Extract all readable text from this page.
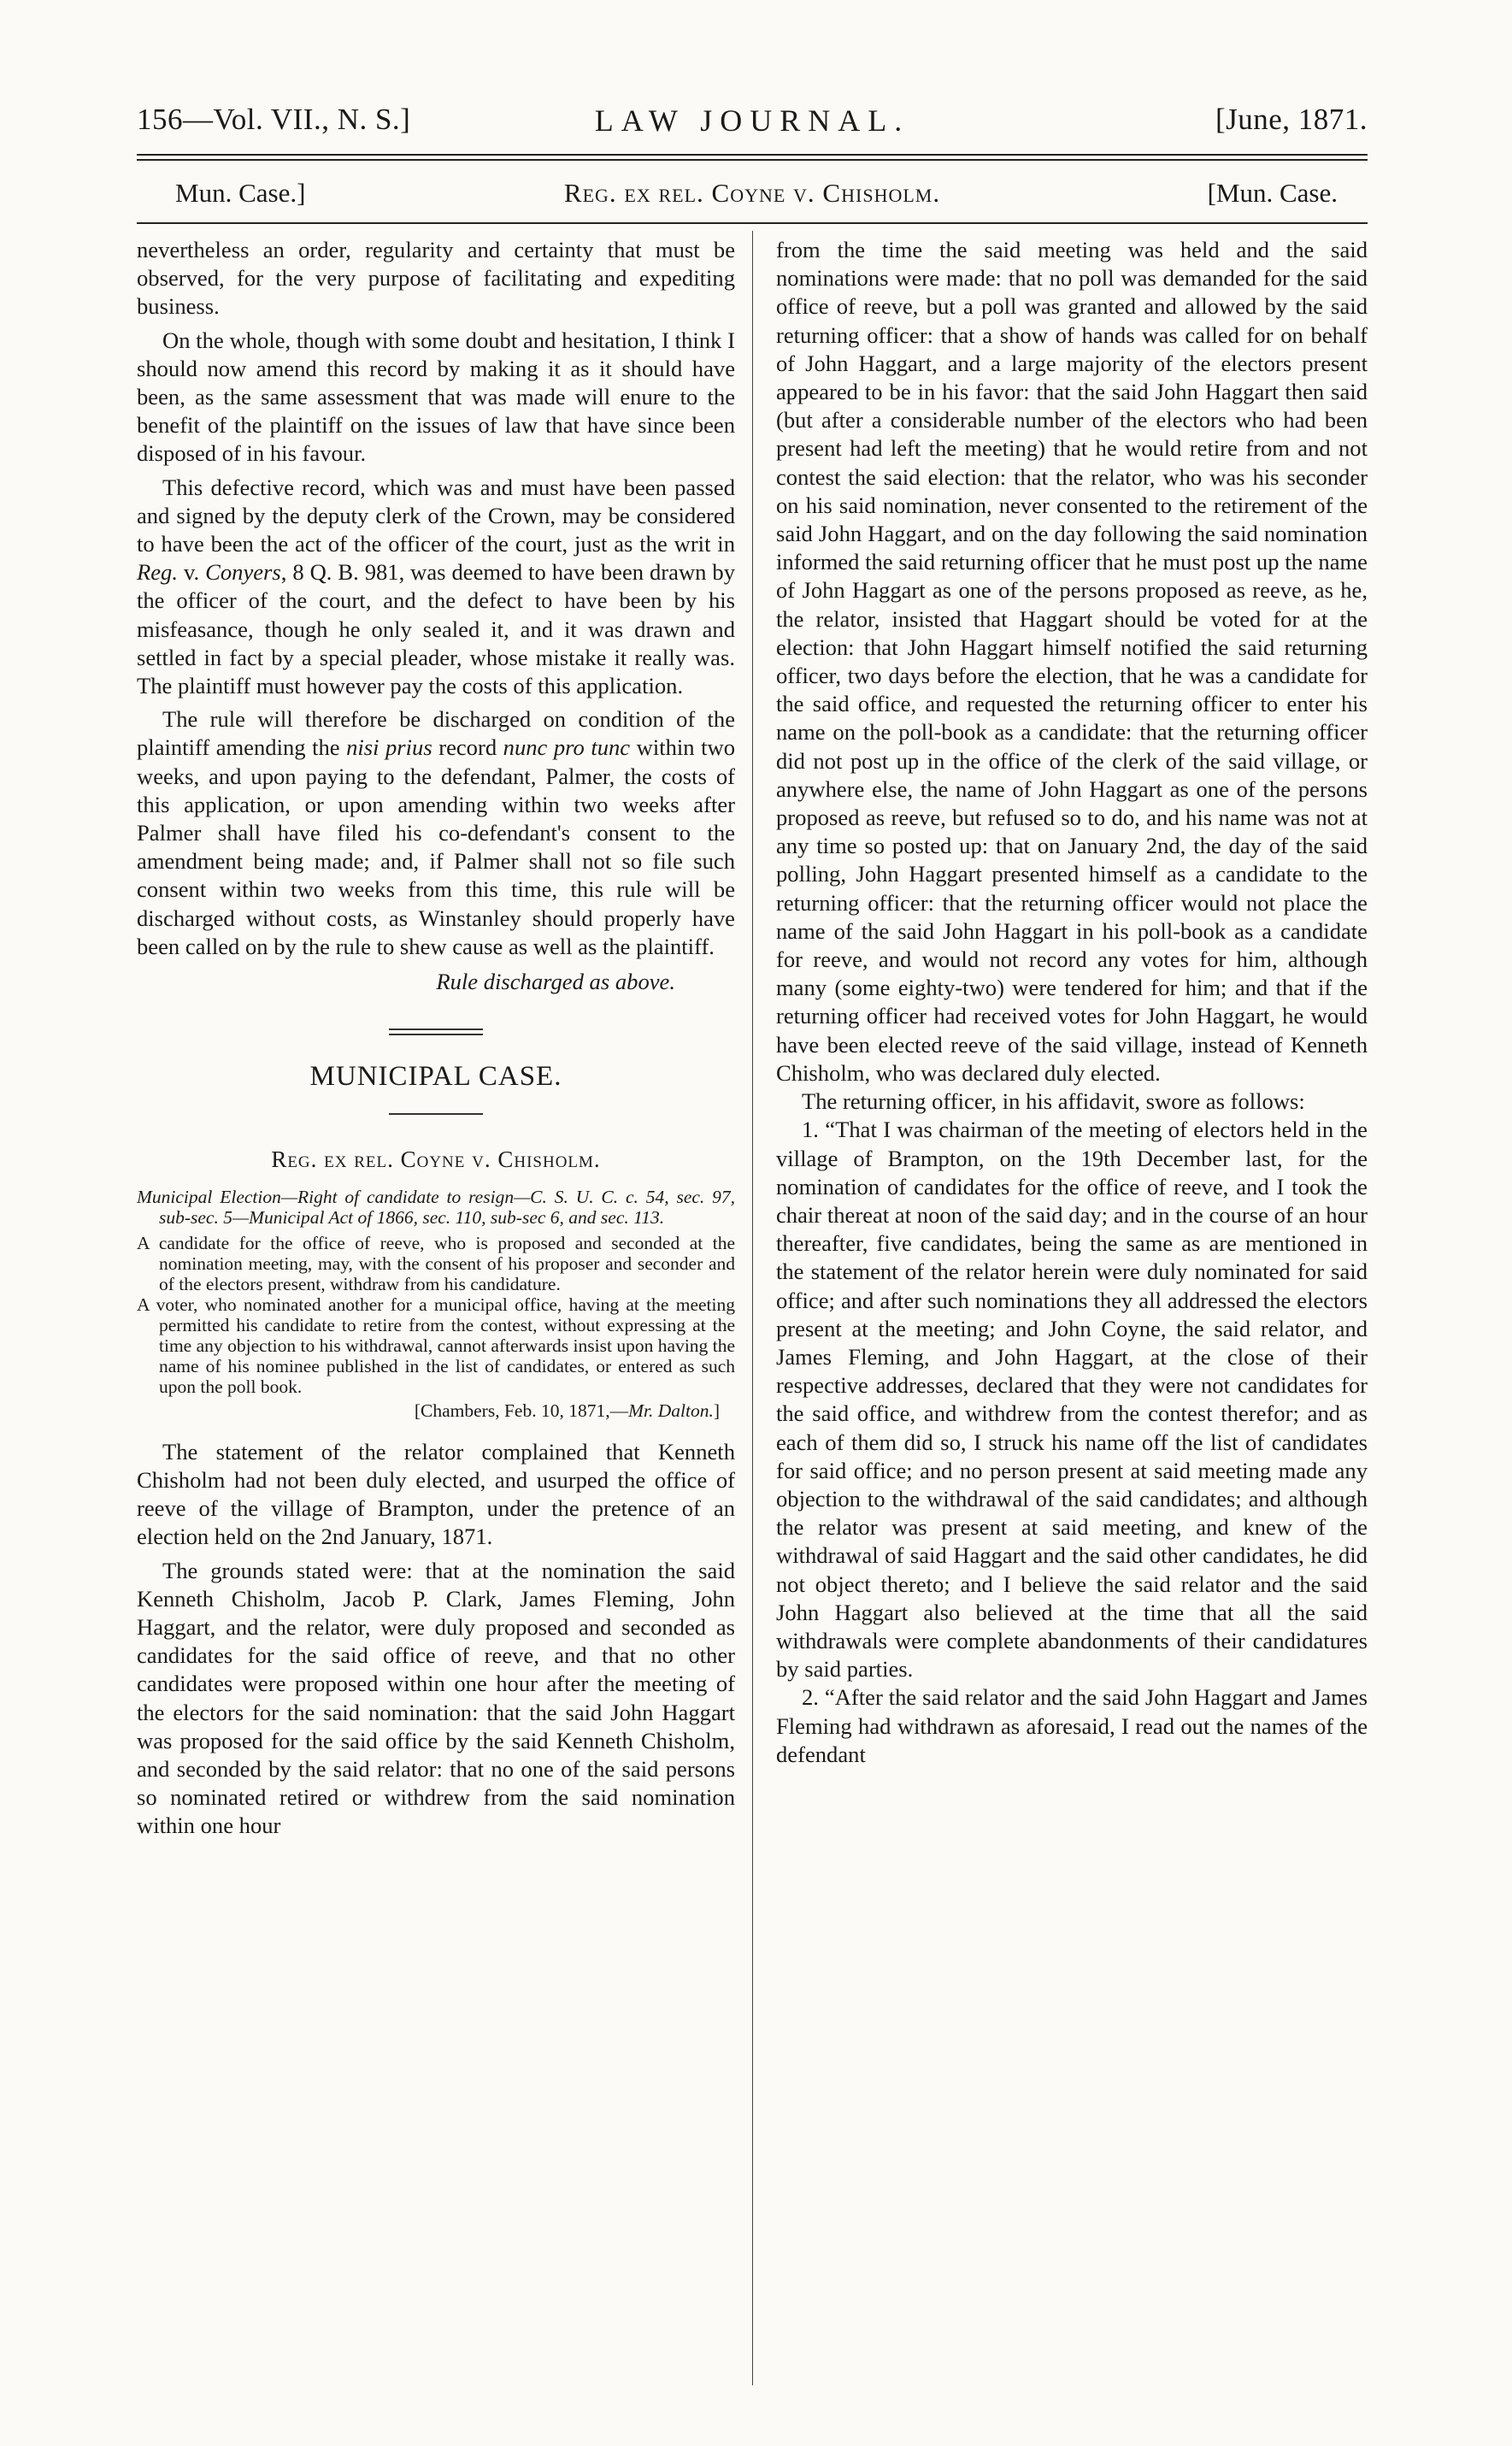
156—Vol. VII., N. S.]	LAW JOURNAL.	[June, 1871.
Mun. Case.]	Reg. ex rel. Coyne v. Chisholm.	[Mun. Case.

nevertheless an order, regularity and certainty that must be observed, for the very purpose of facilitating and expediting business.

On the whole, though with some doubt and hesitation, I think I should now amend this record by making it as it should have been, as the same assessment that was made will enure to the benefit of the plaintiff on the issues of law that have since been disposed of in his favour.

This defective record, which was and must have been passed and signed by the deputy clerk of the Crown, may be considered to have been the act of the officer of the court, just as the writ in Reg. v. Conyers, 8 Q. B. 981, was deemed to have been drawn by the officer of the court, and the defect to have been by his misfeasance, though he only sealed it, and it was drawn and settled in fact by a special pleader, whose mistake it really was. The plaintiff must however pay the costs of this application.

The rule will therefore be discharged on condition of the plaintiff amending the nisi prius record nunc pro tunc within two weeks, and upon paying to the defendant, Palmer, the costs of this application, or upon amending within two weeks after Palmer shall have filed his co-defendant's consent to the amendment being made; and, if Palmer shall not so file such consent within two weeks from this time, this rule will be discharged without costs, as Winstanley should properly have been called on by the rule to shew cause as well as the plaintiff.

Rule discharged as above.

MUNICIPAL CASE.
Reg. ex rel. Coyne v. Chisholm.

Municipal Election—Right of candidate to resign—C. S. U. C. c. 54, sec. 97, sub-sec. 5—Municipal Act of 1866, sec. 110, sub-sec 6, and sec. 113.

A candidate for the office of reeve, who is proposed and seconded at the nomination meeting, may, with the consent of his proposer and seconder and of the electors present, withdraw from his candidature.

A voter, who nominated another for a municipal office, having at the meeting permitted his candidate to retire from the contest, without expressing at the time any objection to his withdrawal, cannot afterwards insist upon having the name of his nominee published in the list of candidates, or entered as such upon the poll book.

[Chambers, Feb. 10, 1871,—Mr. Dalton.]

The statement of the relator complained that Kenneth Chisholm had not been duly elected, and usurped the office of reeve of the village of Brampton, under the pretence of an election held on the 2nd January, 1871.

The grounds stated were: that at the nomination the said Kenneth Chisholm, Jacob P. Clark, James Fleming, John Haggart, and the relator, were duly proposed and seconded as candidates for the said office of reeve, and that no other candidates were proposed within one hour after the meeting of the electors for the said nomination: that the said John Haggart was proposed for the said office by the said Kenneth Chisholm, and seconded by the said relator: that no one of the said persons so nominated retired or withdrew from the said nomination within one hour

from the time the said meeting was held and the said nominations were made: that no poll was demanded for the said office of reeve, but a poll was granted and allowed by the said returning officer: that a show of hands was called for on behalf of John Haggart, and a large majority of the electors present appeared to be in his favor: that the said John Haggart then said (but after a considerable number of the electors who had been present had left the meeting) that he would retire from and not contest the said election: that the relator, who was his seconder on his said nomination, never consented to the retirement of the said John Haggart, and on the day following the said nomination informed the said returning officer that he must post up the name of John Haggart as one of the persons proposed as reeve, as he, the relator, insisted that Haggart should be voted for at the election: that John Haggart himself notified the said returning officer, two days before the election, that he was a candidate for the said office, and requested the returning officer to enter his name on the poll-book as a candidate: that the returning officer did not post up in the office of the clerk of the said village, or anywhere else, the name of John Haggart as one of the persons proposed as reeve, but refused so to do, and his name was not at any time so posted up: that on January 2nd, the day of the said polling, John Haggart presented himself as a candidate to the returning officer: that the returning officer would not place the name of the said John Haggart in his poll-book as a candidate for reeve, and would not record any votes for him, although many (some eighty-two) were tendered for him; and that if the returning officer had received votes for John Haggart, he would have been elected reeve of the said village, instead of Kenneth Chisholm, who was declared duly elected.

The returning officer, in his affidavit, swore as follows:

1. “That I was chairman of the meeting of electors held in the village of Brampton, on the 19th December last, for the nomination of candidates for the office of reeve, and I took the chair thereat at noon of the said day; and in the course of an hour thereafter, five candidates, being the same as are mentioned in the statement of the relator herein were duly nominated for said office; and after such nominations they all addressed the electors present at the meeting; and John Coyne, the said relator, and James Fleming, and John Haggart, at the close of their respective addresses, declared that they were not candidates for the said office, and withdrew from the contest therefor; and as each of them did so, I struck his name off the list of candidates for said office; and no person present at said meeting made any objection to the withdrawal of the said candidates; and although the relator was present at said meeting, and knew of the withdrawal of said Haggart and the said other candidates, he did not object thereto; and I believe the said relator and the said John Haggart also believed at the time that all the said withdrawals were complete abandonments of their candidatures by said parties.

2. “After the said relator and the said John Haggart and James Fleming had withdrawn as aforesaid, I read out the names of the defendant
